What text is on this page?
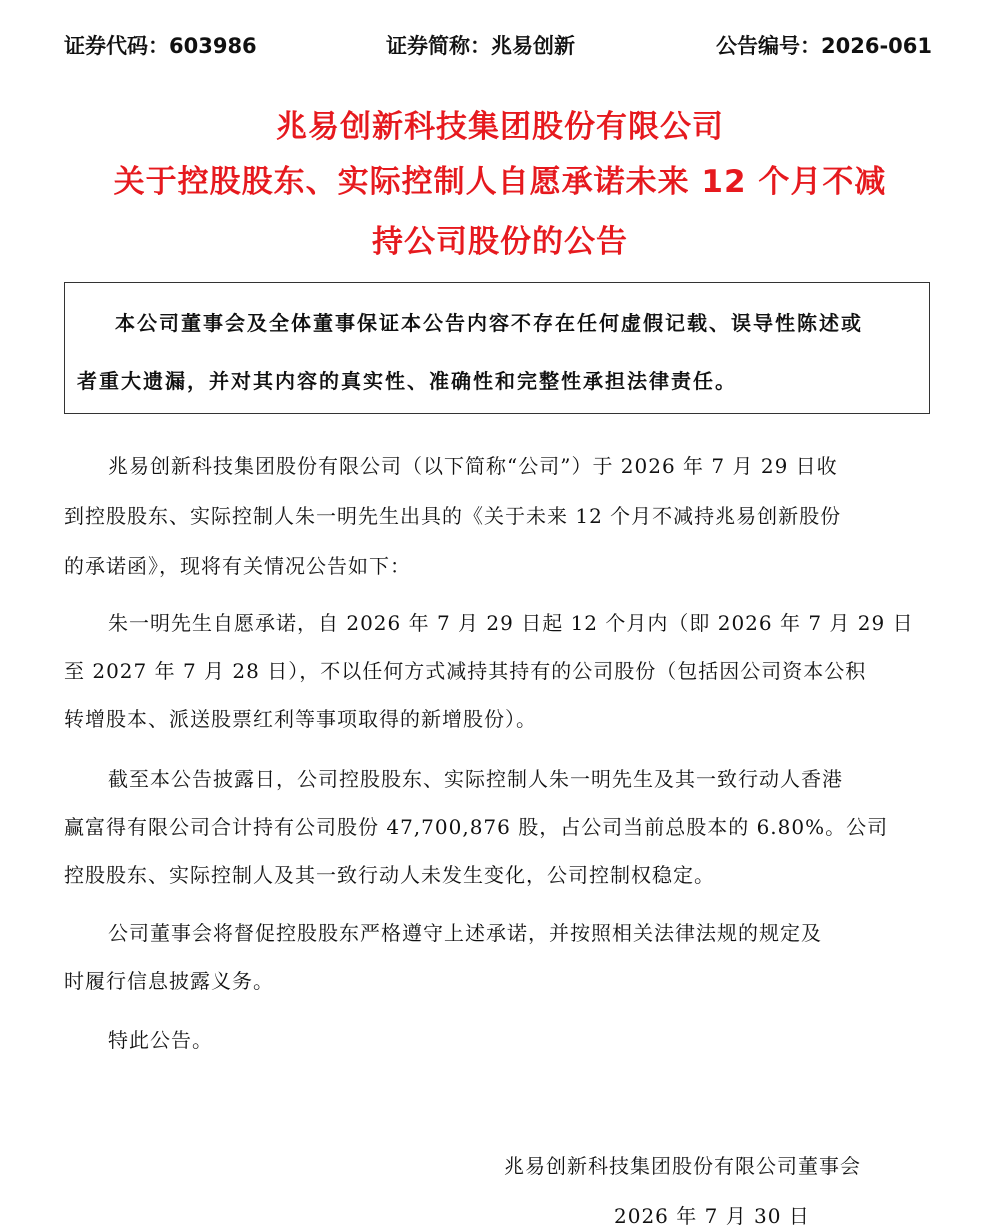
证券代码：603986	证券简称：兆易创新	公告编号：2026-061
兆易创新科技集团股份有限公司
关于控股股东、实际控制人自愿承诺未来 12 个月不减
持公司股份的公告
本公司董事会及全体董事保证本公告内容不存在任何虚假记载、误导性陈述或
者重大遗漏，并对其内容的真实性、准确性和完整性承担法律责任。
兆易创新科技集团股份有限公司（以下简称“公司”）于 2026 年 7 月 29 日收
到控股股东、实际控制人朱一明先生出具的《关于未来 12 个月不减持兆易创新股份
的承诺函》，现将有关情况公告如下：
朱一明先生自愿承诺，自 2026 年 7 月 29 日起 12 个月内（即 2026 年 7 月 29 日
至 2027 年 7 月 28 日），不以任何方式减持其持有的公司股份（包括因公司资本公积
转增股本、派送股票红利等事项取得的新增股份）。
截至本公告披露日，公司控股股东、实际控制人朱一明先生及其一致行动人香港
赢富得有限公司合计持有公司股份 47,700,876 股，占公司当前总股本的 6.80%。公司
控股股东、实际控制人及其一致行动人未发生变化，公司控制权稳定。
公司董事会将督促控股股东严格遵守上述承诺，并按照相关法律法规的规定及
时履行信息披露义务。
特此公告。
兆易创新科技集团股份有限公司董事会
2026 年 7 月 30 日
